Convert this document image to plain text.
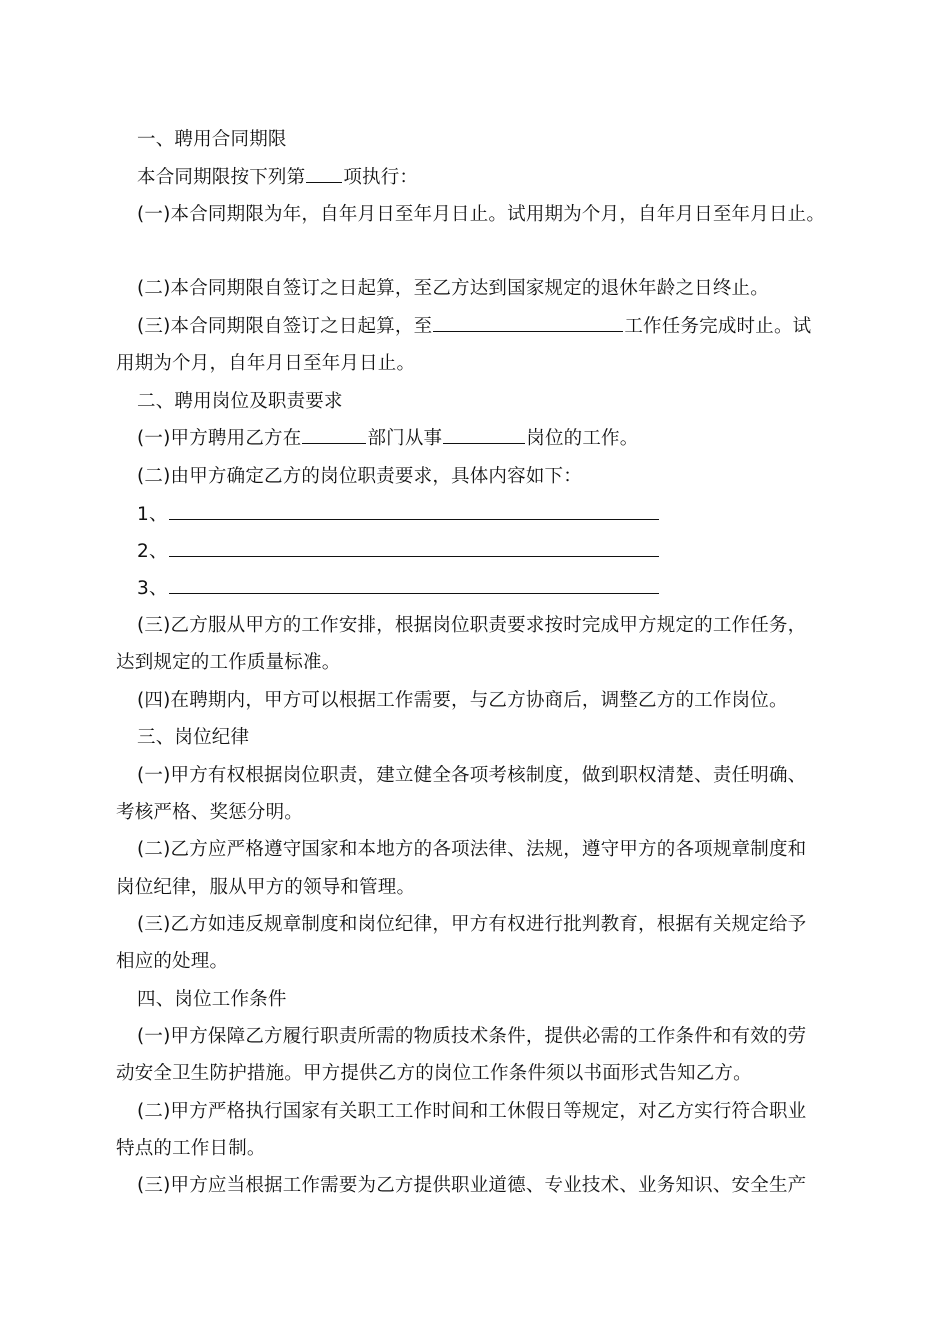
一、聘用合同期限
本合同期限按下列第 项执行：
(一)本合同期限为年，自年月日至年月日止。试用期为个月，自年月日至年月日止。
(二)本合同期限自签订之日起算，至乙方达到国家规定的退休年龄之日终止。
(三)本合同期限自签订之日起算，至	工作任务完成时止。试
用期为个月，自年月日至年月日止。
二、聘用岗位及职责要求
(一)甲方聘用乙方在	部门从事	岗位的工作。
(二)由甲方确定乙方的岗位职责要求，具体内容如下：
1、
2、
3、
(三)乙方服从甲方的工作安排，根据岗位职责要求按时完成甲方规定的工作任务，
达到规定的工作质量标准。
(四)在聘期内，甲方可以根据工作需要，与乙方协商后，调整乙方的工作岗位。
三、岗位纪律
(一)甲方有权根据岗位职责，建立健全各项考核制度，做到职权清楚、责任明确、
考核严格、奖惩分明。
(二)乙方应严格遵守国家和本地方的各项法律、法规，遵守甲方的各项规章制度和
岗位纪律，服从甲方的领导和管理。
(三)乙方如违反规章制度和岗位纪律，甲方有权进行批判教育，根据有关规定给予
相应的处理。
四、岗位工作条件
(一)甲方保障乙方履行职责所需的物质技术条件，提供必需的工作条件和有效的劳
动安全卫生防护措施。甲方提供乙方的岗位工作条件须以书面形式告知乙方。
(二)甲方严格执行国家有关职工工作时间和工休假日等规定，对乙方实行符合职业
特点的工作日制。
(三)甲方应当根据工作需要为乙方提供职业道德、专业技术、业务知识、安全生产
